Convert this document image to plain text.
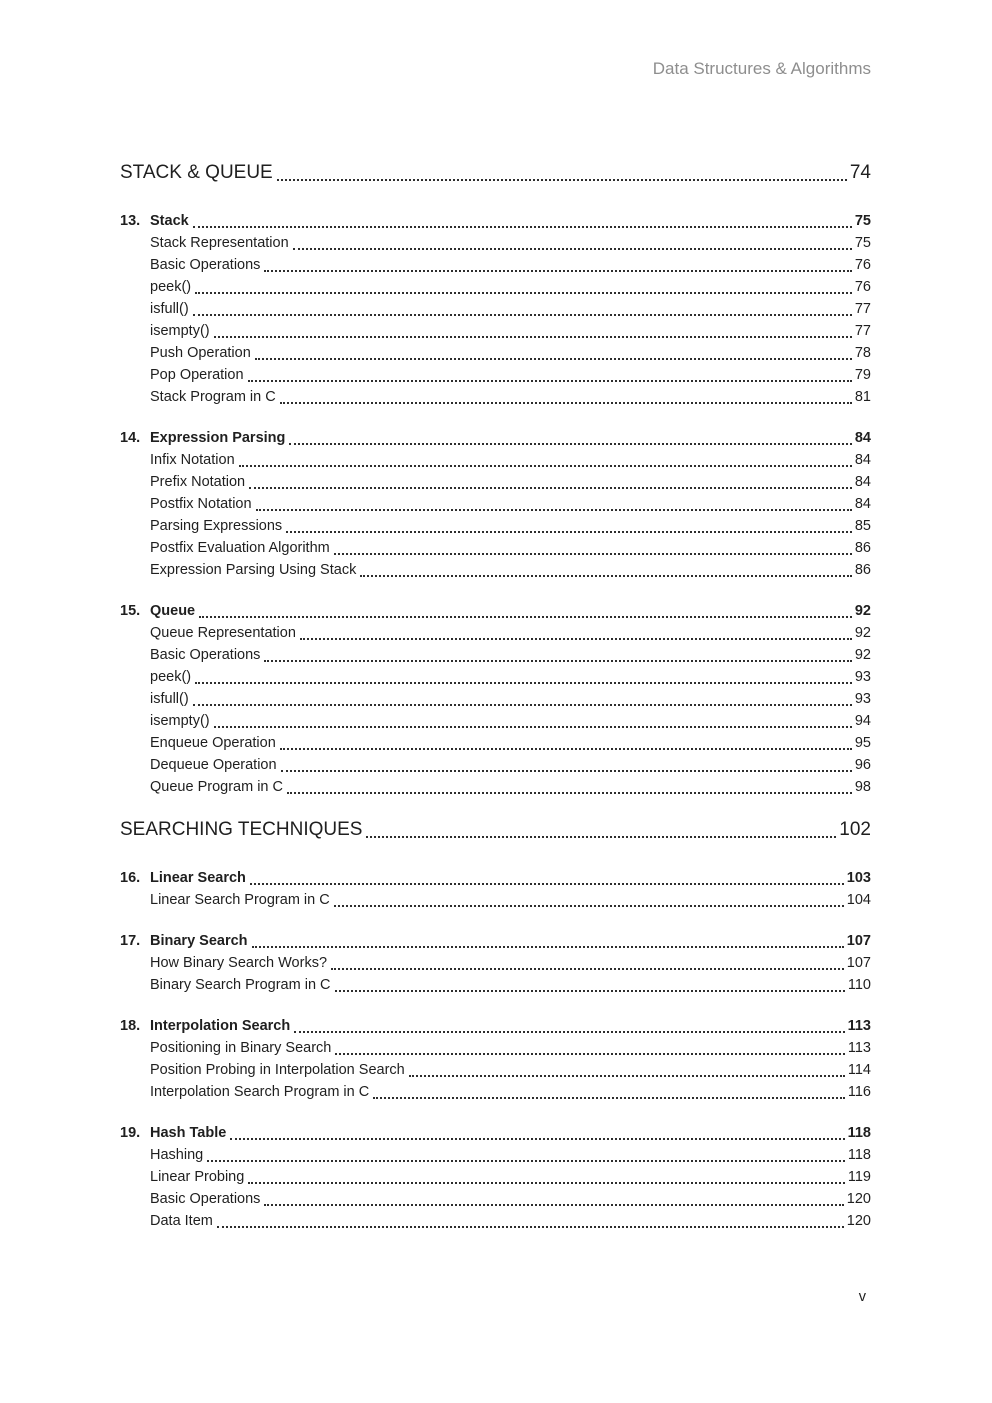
Data Structures & Algorithms
STACK & QUEUE	74
13. Stack	75
Stack Representation	75
Basic Operations	76
peek()	76
isfull()	77
isempty()	77
Push Operation	78
Pop Operation	79
Stack Program in C	81
14. Expression Parsing	84
Infix Notation	84
Prefix Notation	84
Postfix Notation	84
Parsing Expressions	85
Postfix Evaluation Algorithm	86
Expression Parsing Using Stack	86
15. Queue	92
Queue Representation	92
Basic Operations	92
peek()	93
isfull()	93
isempty()	94
Enqueue Operation	95
Dequeue Operation	96
Queue Program in C	98
SEARCHING TECHNIQUES	102
16. Linear Search	103
Linear Search Program in C	104
17. Binary Search	107
How Binary Search Works?	107
Binary Search Program in C	110
18. Interpolation Search	113
Positioning in Binary Search	113
Position Probing in Interpolation Search	114
Interpolation Search Program in C	116
19. Hash Table	118
Hashing	118
Linear Probing	119
Basic Operations	120
Data Item	120
v
